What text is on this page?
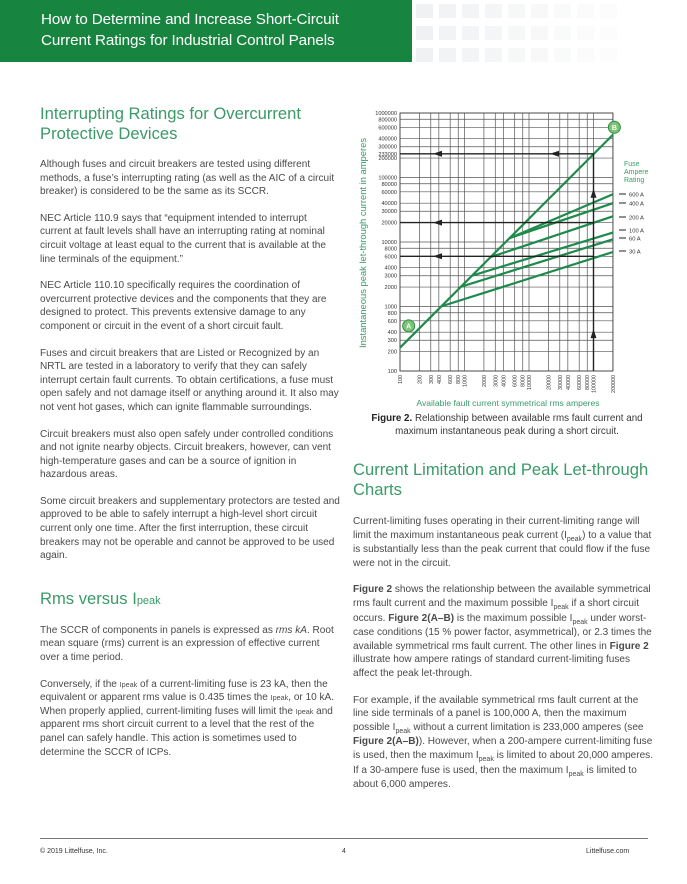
How to Determine and Increase Short-Circuit
Current Ratings for Industrial Control Panels
Interrupting Ratings for Overcurrent
Protective Devices

Although fuses and circuit breakers are tested using different methods, a fuse’s interrupting rating (as well as the AIC of a circuit breaker) is considered to be the same as its SCCR.

NEC Article 110.9 says that “equipment intended to interrupt current at fault levels shall have an interrupting rating at nominal circuit voltage at least equal to the current that is available at the line terminals of the equipment.”

NEC Article 110.10 specifically requires the coordination of overcurrent protective devices and the components that they are designed to protect. This prevents extensive damage to any component or circuit in the event of a short circuit fault.

Fuses and circuit breakers that are Listed or Recognized by an NRTL are tested in a laboratory to verify that they can safely interrupt certain fault currents. To obtain certifications, a fuse must open safely and not damage itself or anything around it. It also may not vent hot gases, which can ignite flammable surroundings.

Circuit breakers must also open safely under controlled conditions and not ignite nearby objects. Circuit breakers, however, can vent high-temperature gases and can be a source of ignition in hazardous areas.

Some circuit breakers and supplementary protectors are tested and approved to be able to safely interrupt a high-level short circuit current only one time. After the first interruption, these circuit breakers may not be operable and cannot be approved to be used again.

Rms versus Ipeak

The SCCR of components in panels is expressed as rms kA. Root mean square (rms) current is an expression of effective current over a time period.

Conversely, if the Ipeak of a current-limiting fuse is 23 kA, then the equivalent or apparent rms value is 0.435 times the Ipeak, or 10 kA. When properly applied, current-limiting fuses will limit the Ipeak and apparent rms short circuit current to a level that the rest of the panel can safely handle. This action is sometimes used to determine the SCCR of ICPs.

100
200
300
400
600
800
1000
2000
3000
4000
6000
8000
10000
20000
30000
40000
60000
80000
100000
200000
233000
300000
400000
600000
800000
1000000
100 200 300 400 600 800 1000 2000 3000 4000 6000 8000 10000 20000 30000 40000 60000 80000 100000 200000
A
B
Fuse
Ampere
Rating
600 A
400 A
200 A
100 A
60 A
30 A
Instantaneous peak let-through current in amperes
Available fault current symmetrical rms amperes
Figure 2. Relationship between available rms fault current and maximum instantaneous peak during a short circuit.
Current Limitation and Peak Let-through
Charts

Current-limiting fuses operating in their current-limiting range will limit the maximum instantaneous peak current $(I_{peak})$ to a value that is substantially less than the peak current that could flow if the fuse were not in the circuit.

Figure 2 shows the relationship between the available symmetrical rms fault current and the maximum possible $I_{peak}$ if a short circuit occurs. Figure 2(A–B) is the maximum possible $I_{peak}$ under worst-case conditions (15 % power factor, asymmetrical), or 2.3 times the available symmetrical rms fault current. The other lines in Figure 2 illustrate how ampere ratings of standard current-limiting fuses affect the peak let-through.

For example, if the available symmetrical rms fault current at the line side terminals of a panel is 100,000 A, then the maximum possible $I_{peak}$ without a current limitation is 233,000 amperes (see Figure 2(A–B)). However, when a 200-ampere current-limiting fuse is used, then the maximum $I_{peak}$ is limited to about 20,000 amperes. If a 30-ampere fuse is used, then the maximum $I_{peak}$ is limited to about 6,000 amperes.

© 2019 Littelfuse, Inc.	4	Littelfuse.com
